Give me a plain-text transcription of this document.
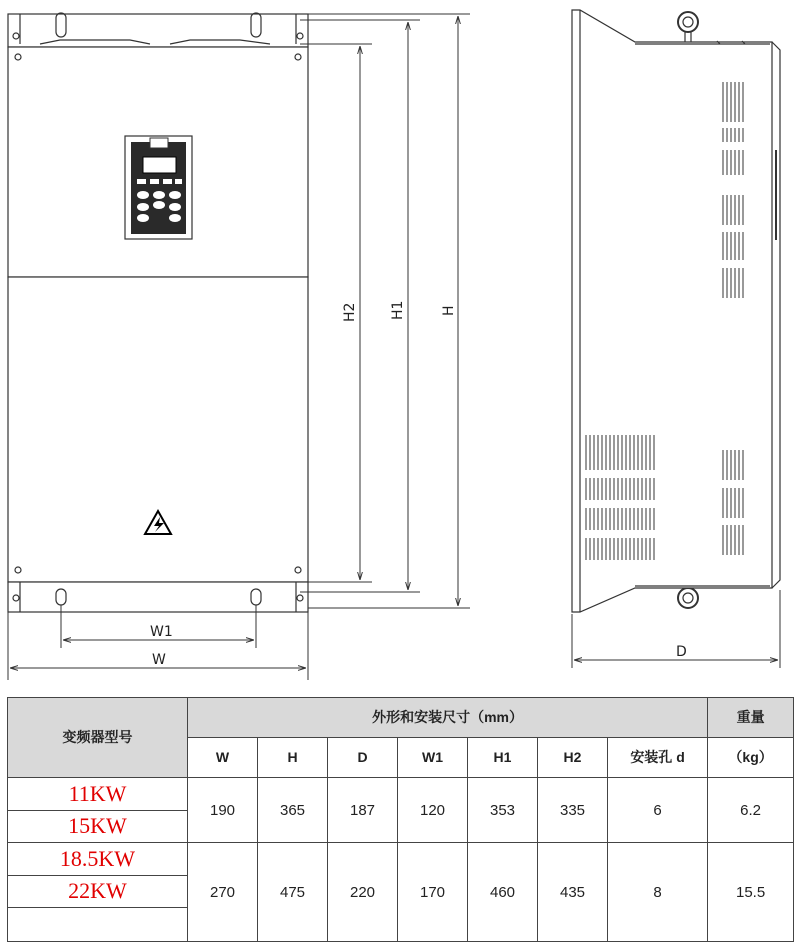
W1
W
H2 H1	H
D
变频器型号	外形和安装尺寸（mm）							重量
	W	H	D	W1	H1	H2	安装孔 d	（kg）
11KW	190	365	187	120	353	335	6	6.2
15KW								
18.5KW	270	475	220	170	460	435	8	15.5
22KW								
